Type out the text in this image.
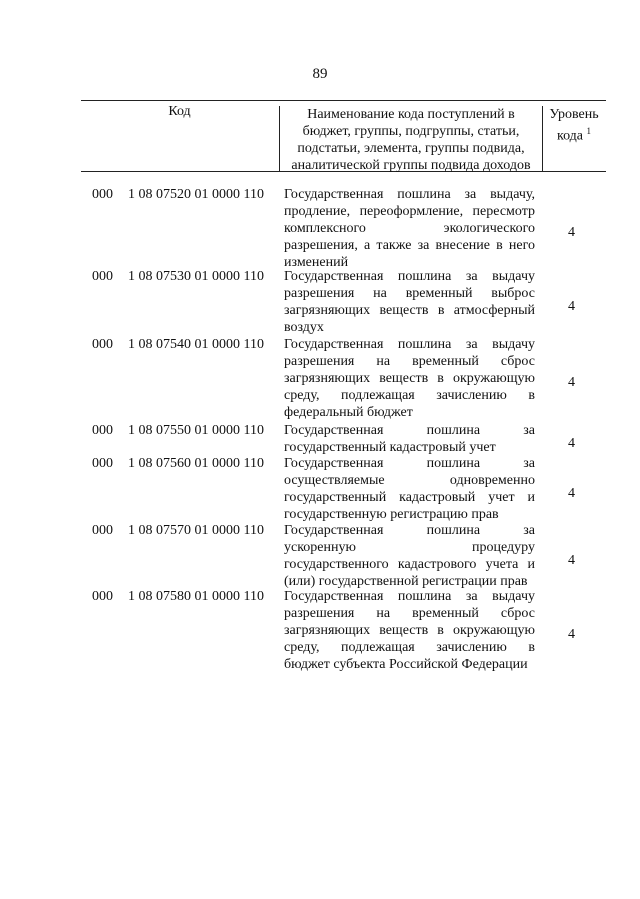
89
Код	Наименование кода поступлений в
бюджет, группы, подгруппы, статьи,
подстатьи, элемента, группы подвида,
аналитической группы подвида доходов
Уровень
кода $^1$
000 1 08 07520 01 0000 110 Государственная пошлина за выдачу,
продление, переоформление, пересмотр
комплексного экологического
разрешения, а также за внесение в него
изменений
4
000 1 08 07530 01 0000 110 Государственная пошлина за выдачу
разрешения на временный выброс
загрязняющих веществ в атмосферный
воздух
4
000 1 08 07540 01 0000 110 Государственная пошлина за выдачу
разрешения на временный сброс
загрязняющих веществ в окружающую
среду, подлежащая зачислению в
федеральный бюджет
4
000 1 08 07550 01 0000 110 Государственная пошлина за
государственный кадастровый учет	4
000 1 08 07560 01 0000 110 Государственная пошлина за
осуществляемые одновременно
государственный кадастровый учет и
государственную регистрацию прав
4
000 1 08 07570 01 0000 110 Государственная пошлина за
ускоренную процедуру
государственного кадастрового учета и
(или) государственной регистрации прав
4
000 1 08 07580 01 0000 110 Государственная пошлина за выдачу
разрешения на временный сброс
загрязняющих веществ в окружающую
среду, подлежащая зачислению в
бюджет субъекта Российской Федерации
4
